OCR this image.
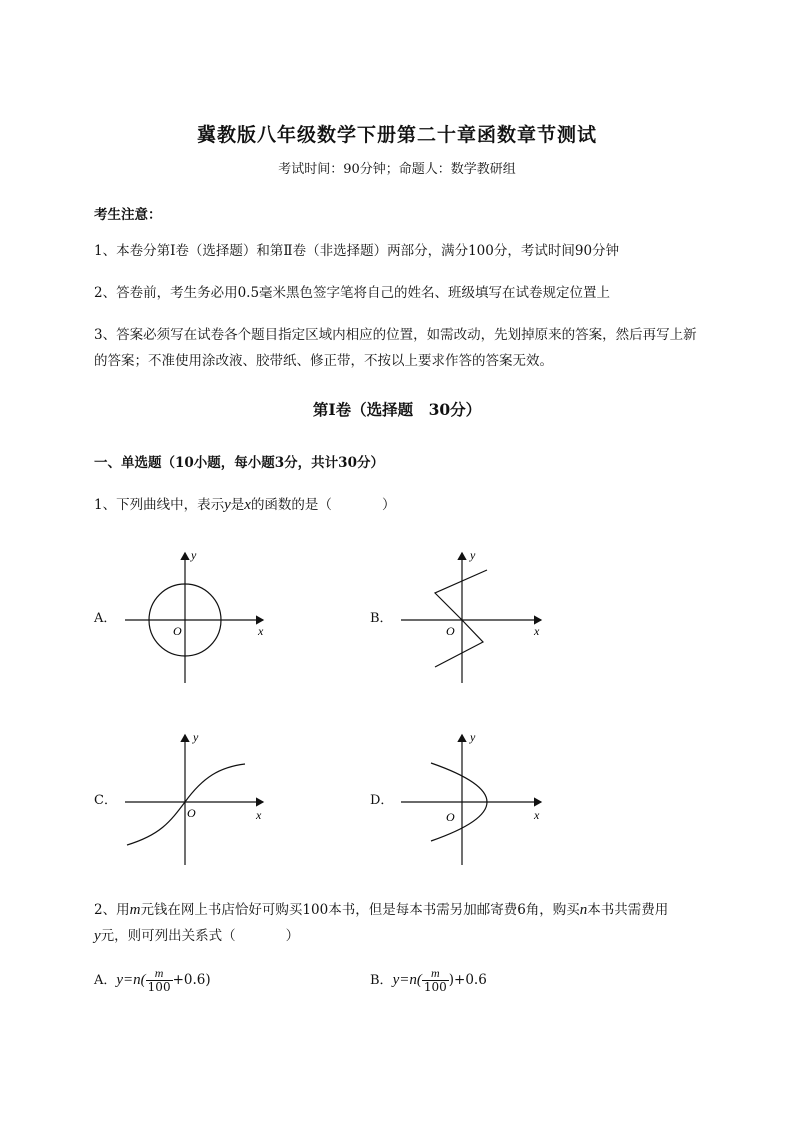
冀教版八年级数学下册第二十章函数章节测试
考试时间：90分钟；命题人：数学教研组
考生注意：
1、本卷分第I卷（选择题）和第Ⅱ卷（非选择题）两部分，满分100分，考试时间90分钟
2、答卷前，考生务必用0.5毫米黑色签字笔将自己的姓名、班级填写在试卷规定位置上
3、答案必须写在试卷各个题目指定区域内相应的位置，如需改动，先划掉原来的答案，然后再写上新
的答案；不准使用涂改液、胶带纸、修正带，不按以上要求作答的答案无效。
第I卷（选择题　30分）
一、单选题（10小题，每小题3分，共计30分）
1、下列曲线中，表示y是x的函数的是（	）
A．	B．
C．	D．
y
x
O
y
x
O
y
x
O
y
x
O
2、用m元钱在网上书店恰好可购买100本书，但是每本书需另加邮寄费6角，购买n本书共需费用
y元，则可列出关系式（	）
A．$y=n( \frac{m}{100} +0.6)$	B．$y=n( \frac{m}{100} )+0.6$
